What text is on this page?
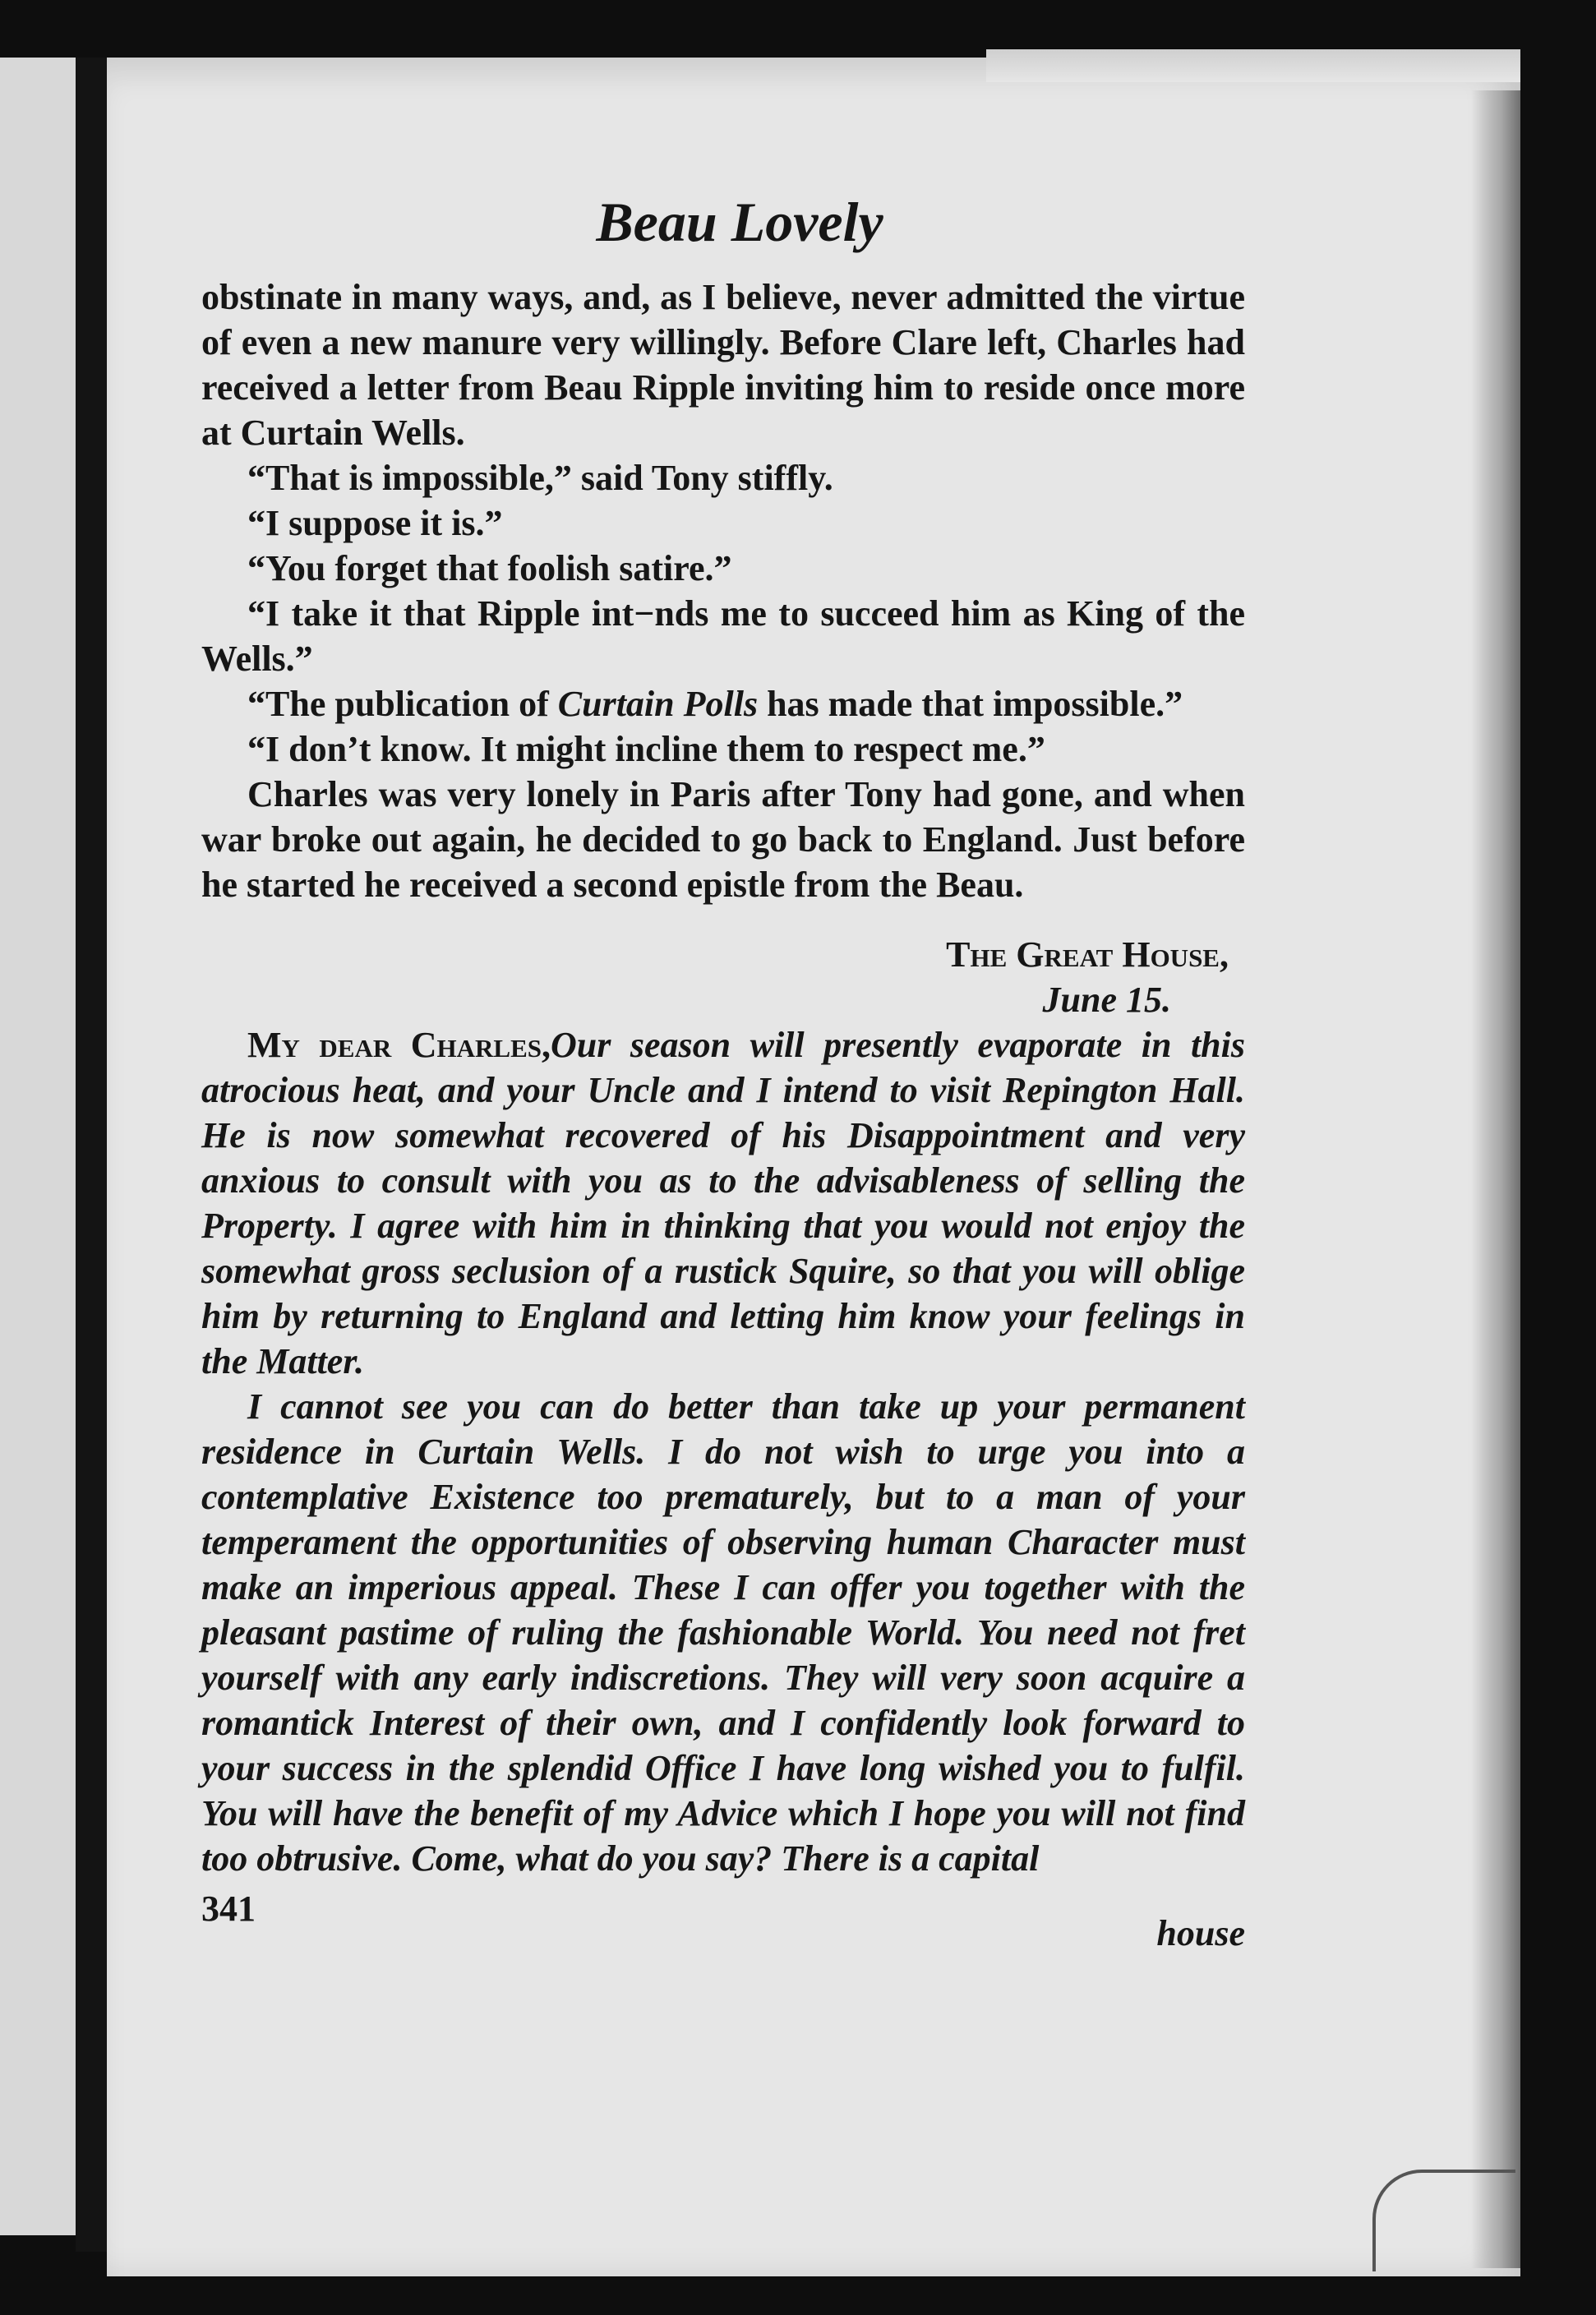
Beau Lovely

obstinate in many ways, and, as I believe, never admitted the virtue of even a new manure very willingly. Before Clare left, Charles had received a letter from Beau Ripple inviting him to reside once more at Curtain Wells.

“That is impossible,” said Tony stiffly.

“I suppose it is.”

“You forget that foolish satire.”

“I take it that Ripple int−nds me to succeed him as King of the Wells.”

“The publication of Curtain Polls has made that impossible.”

“I don’t know. It might incline them to respect me.”

Charles was very lonely in Paris after Tony had gone, and when war broke out again, he decided to go back to England. Just before he started he received a second epistle from the Beau.

The Great House,

June 15.

My dear Charles,Our season will presently evaporate in this atrocious heat, and your Uncle and I intend to visit Repington Hall. He is now somewhat recovered of his Disappointment and very anxious to consult with you as to the advisableness of selling the Property. I agree with him in thinking that you would not enjoy the somewhat gross seclusion of a rustick Squire, so that you will oblige him by returning to England and letting him know your feelings in the Matter.

I cannot see you can do better than take up your permanent residence in Curtain Wells. I do not wish to urge you into a contemplative Existence too prematurely, but to a man of your temperament the opportunities of observing human Character must make an imperious appeal. These I can offer you together with the pleasant pastime of ruling the fashionable World. You need not fret yourself with any early indiscretions. They will very soon acquire a romantick Interest of their own, and I confidently look forward to your success in the splendid Office I have long wished you to fulfil. You will have the benefit of my Advice which I hope you will not find too obtrusive. Come, what do you say? There is a capital

341
house
